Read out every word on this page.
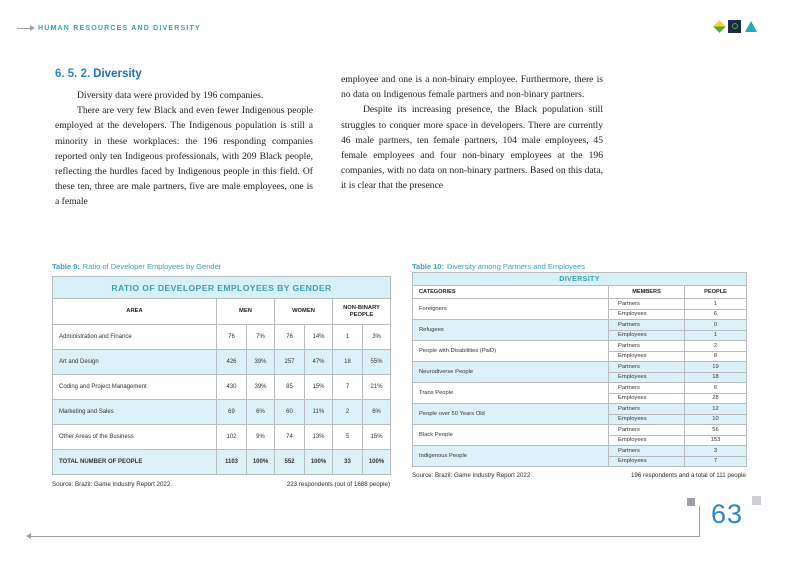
HUMAN RESOURCES AND DIVERSITY
6. 5. 2. Diversity

Diversity data were provided by 196 companies.

There are very few Black and even fewer Indigenous people employed at the developers. The Indigenous population is still a minority in these workplaces: the 196 responding companies reported only ten Indigeous professionals, with 209 Black people, reflecting the hurdles faced by Indigenous people in this field. Of these ten, three are male partners, five are male employees, one is a female

employee and one is a non-binary employee. Furthermore, there is no data on Indigenous female partners and non-binary partners.

Despite its increasing presence, the Black population still struggles to conquer more space in developers. There are currently 46 male partners, ten female partners, 104 male employees, 45 female employees and four non-binary employees at the 196 companies, with no data on non-binary partners. Based on this data, it is clear that the presence

Table 9: Ratio of Developer Employees by Gender	Table 10: Diversity among Partners and Employees
RATIO OF DEVELOPER EMPLOYEES BY GENDER						
AREA	MEN		WOMEN		NON-BINARY PEOPLE	
Administration and Finance	76	7%	76	14%	1	3%
Art and Design	426	39%	257	47%	18	55%
Coding and Project Management	430	39%	85	15%	7	21%
Marketing and Sales	69	6%	60	11%	2	6%
Other Areas of the Business	102	9%	74	13%	5	15%
TOTAL NUMBER OF PEOPLE	1103	100%	552	100%	33	100%
Source: Brazil: Game Industry Report 2022	223 respondents (out of 1688 people)
DIVERSITY		
CATEGORIES	MEMBERS	PEOPLE
Foreigners	Partners	1
	Employees	6
Refugees	Partners	0
	Employees	1
People with Disabilities (PwD)	Partners	2
	Employees	8
Neurodiverse People	Partners	19
	Employees	18
Trans People	Partners	6
	Employees	28
People over 50 Years Old	Partners	12
	Employees	10
Black People	Partners	56
	Employees	153
Indigenous People	Partners	3
	Employees	7
Source: Brazil: Game Industry Report 2022	196 respondents and a total of 111 people
63
